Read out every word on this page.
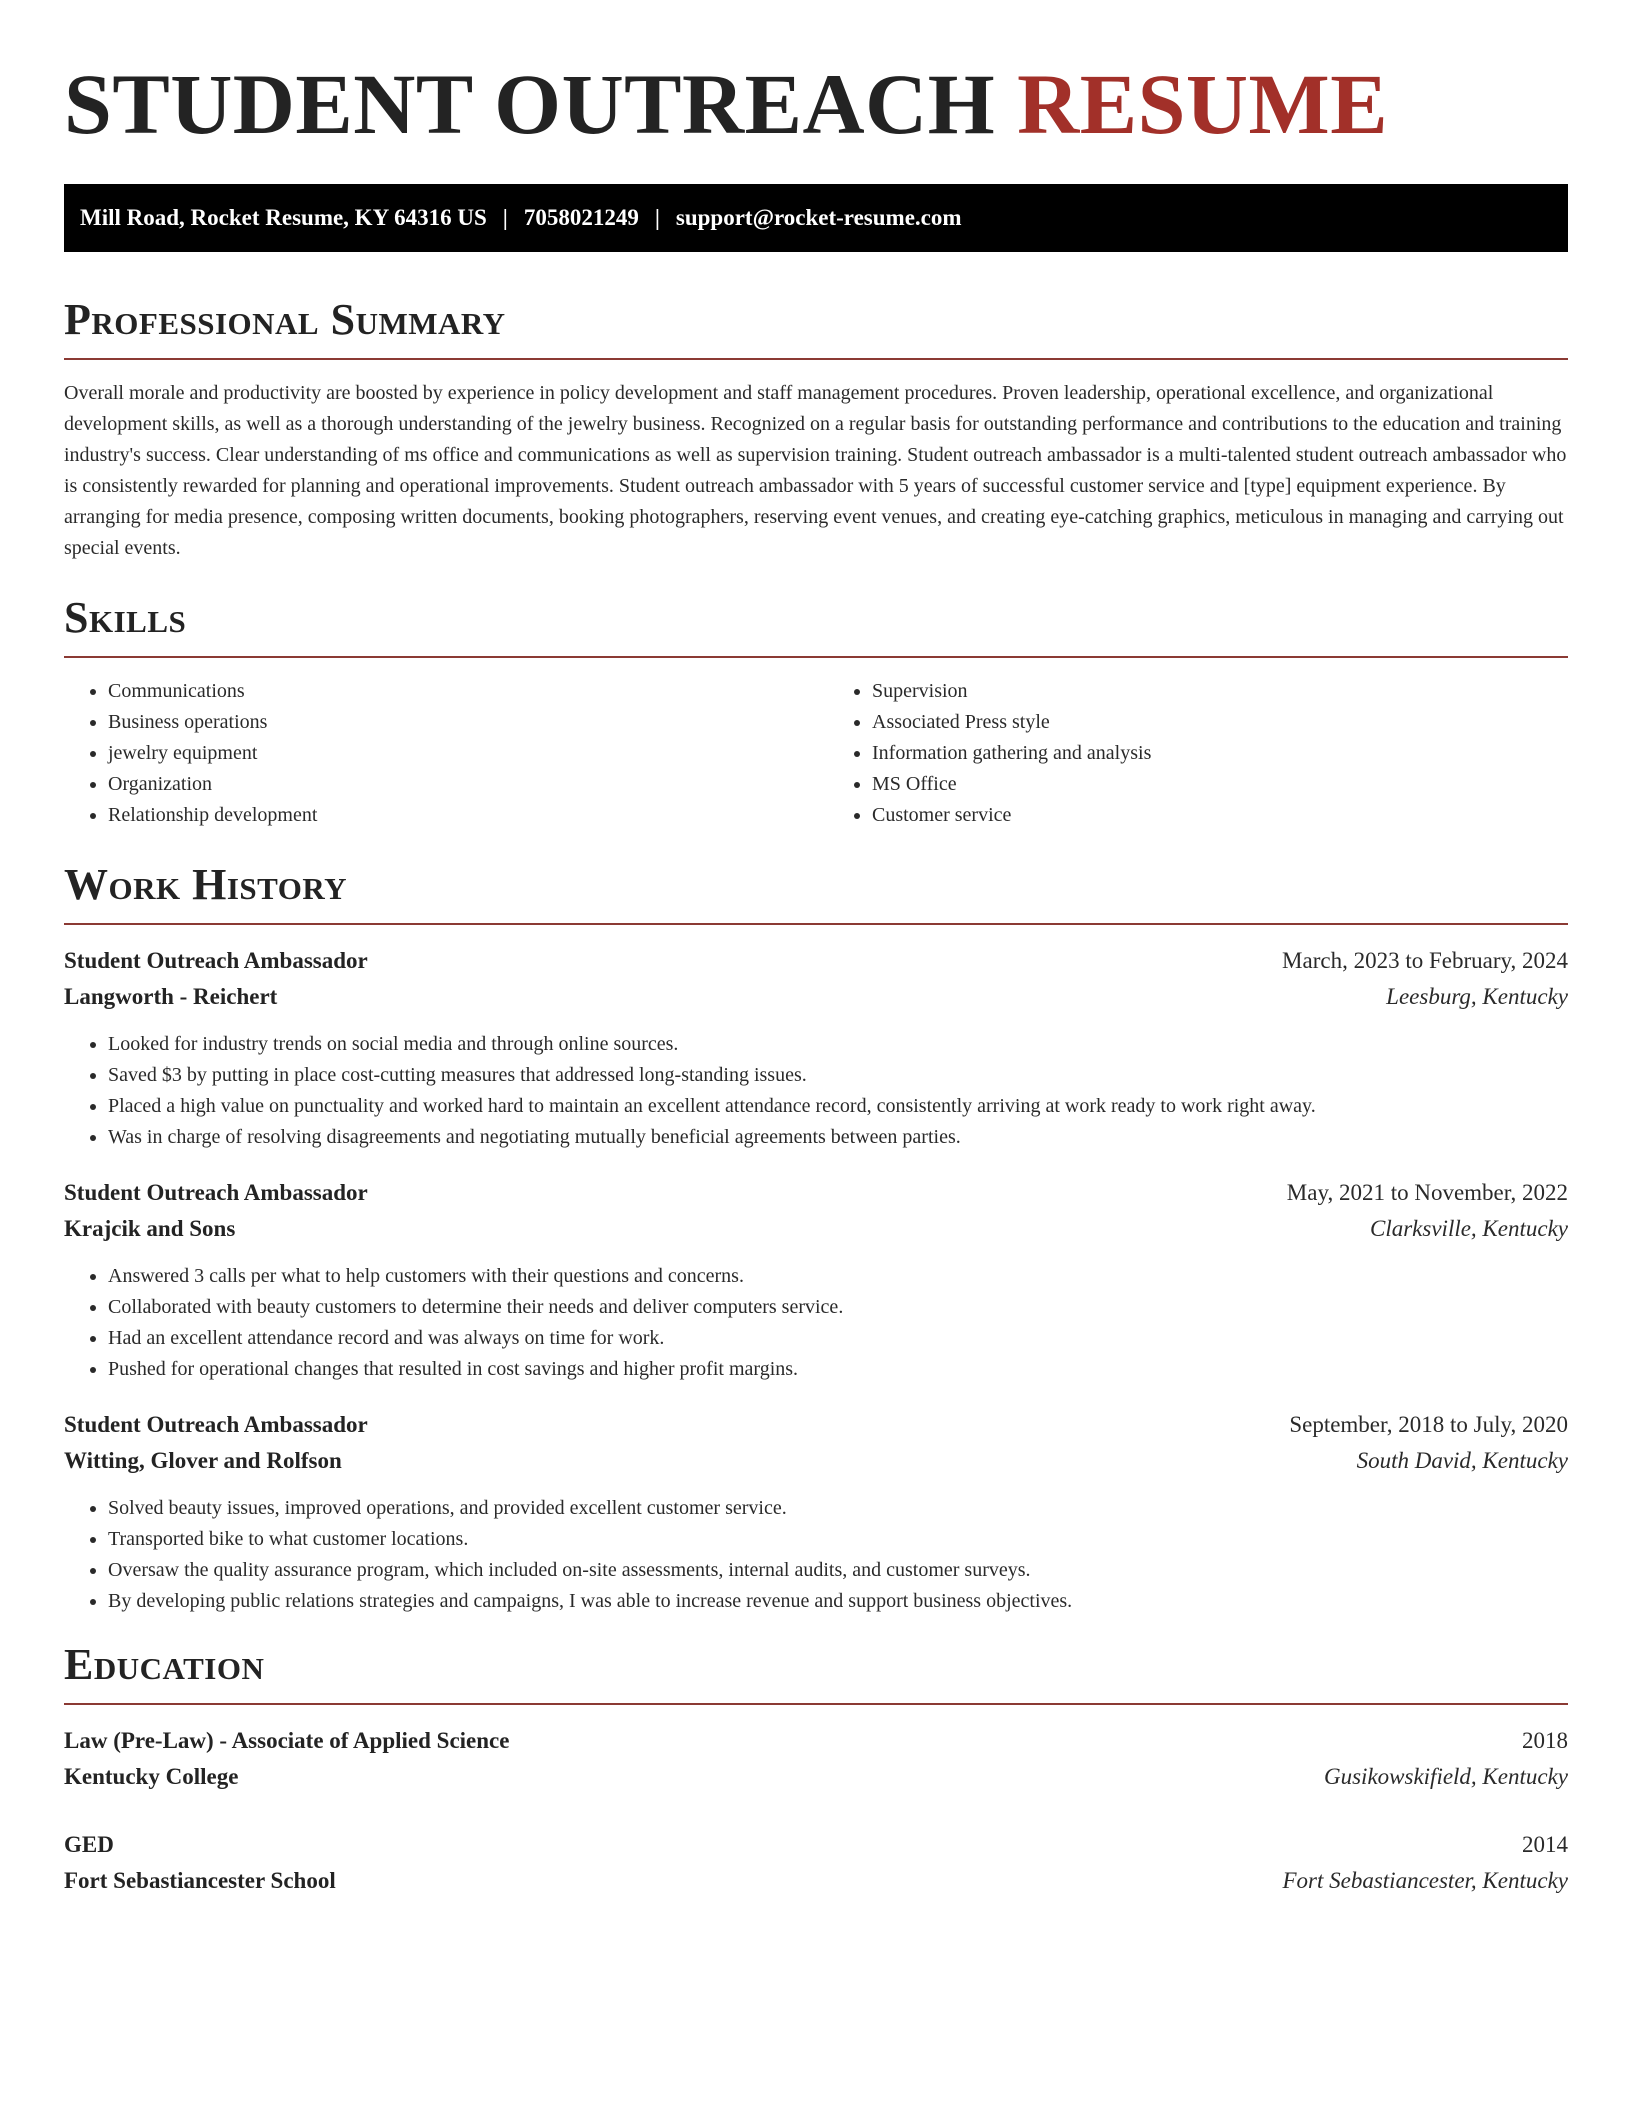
STUDENT OUTREACH RESUME
Mill Road, Rocket Resume, KY 64316 US | 7058021249 | support@rocket-resume.com
Professional Summary

Overall morale and productivity are boosted by experience in policy development and staff management procedures. Proven leadership, operational excellence, and organizational development skills, as well as a thorough understanding of the jewelry business. Recognized on a regular basis for outstanding performance and contributions to the education and training industry's success. Clear understanding of ms office and communications as well as supervision training. Student outreach ambassador is a multi-talented student outreach ambassador who is consistently rewarded for planning and operational improvements. Student outreach ambassador with 5 years of successful customer service and [type] equipment experience. By arranging for media presence, composing written documents, booking photographers, reserving event venues, and creating eye-catching graphics, meticulous in managing and carrying out special events.

Skills
• Communications
• Business operations
• jewelry equipment
• Organization
• Relationship development
• Supervision
• Associated Press style
• Information gathering and analysis
• MS Office
• Customer service
Work History
Student Outreach Ambassador	March, 2023 to February, 2024
Langworth - Reichert	Leesburg, Kentucky
• Looked for industry trends on social media and through online sources.
• Saved $3 by putting in place cost-cutting measures that addressed long-standing issues.
• Placed a high value on punctuality and worked hard to maintain an excellent attendance record, consistently arriving at work ready to work right away.
• Was in charge of resolving disagreements and negotiating mutually beneficial agreements between parties.
Student Outreach Ambassador	May, 2021 to November, 2022
Krajcik and Sons	Clarksville, Kentucky
• Answered 3 calls per what to help customers with their questions and concerns.
• Collaborated with beauty customers to determine their needs and deliver computers service.
• Had an excellent attendance record and was always on time for work.
• Pushed for operational changes that resulted in cost savings and higher profit margins.
Student Outreach Ambassador	September, 2018 to July, 2020
Witting, Glover and Rolfson	South David, Kentucky
• Solved beauty issues, improved operations, and provided excellent customer service.
• Transported bike to what customer locations.
• Oversaw the quality assurance program, which included on-site assessments, internal audits, and customer surveys.
• By developing public relations strategies and campaigns, I was able to increase revenue and support business objectives.
Education
Law (Pre-Law) - Associate of Applied Science	2018
Kentucky College	Gusikowskifield, Kentucky
GED	2014
Fort Sebastiancester School	Fort Sebastiancester, Kentucky
